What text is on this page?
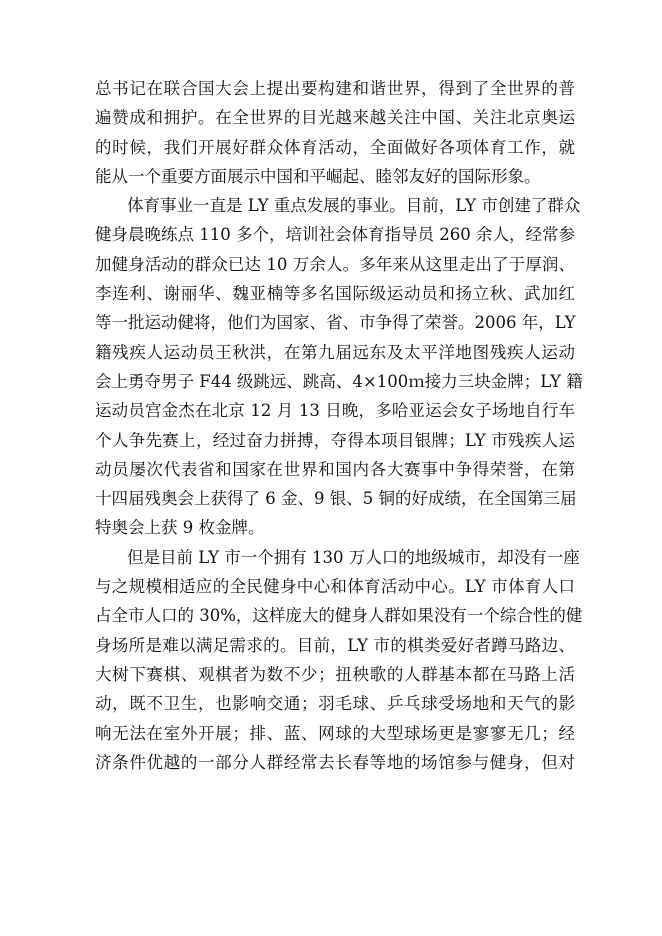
总书记在联合国大会上提出要构建和谐世界，得到了全世界的普
遍赞成和拥护。在全世界的目光越来越关注中国、关注北京奥运
的时候，我们开展好群众体育活动，全面做好各项体育工作，就
能从一个重要方面展示中国和平崛起、睦邻友好的国际形象。
体育事业一直是 LY 重点发展的事业。目前，LY 市创建了群众
健身晨晚练点 110 多个，培训社会体育指导员 260 余人，经常参
加健身活动的群众已达 10 万余人。多年来从这里走出了于厚润、
李连利、谢丽华、魏亚楠等多名国际级运动员和扬立秋、武加红
等一批运动健将，他们为国家、省、市争得了荣誉。2006 年，LY
籍残疾人运动员王秋洪，在第九届远东及太平洋地图残疾人运动
会上勇夺男子 F44 级跳远、跳高、4×100ｍ接力三块金牌；LY 籍
运动员宫金杰在北京 12 月 13 日晚，多哈亚运会女子场地自行车
个人争先赛上，经过奋力拼搏，夺得本项目银牌；LY 市残疾人运
动员屡次代表省和国家在世界和国内各大赛事中争得荣誉，在第
十四届残奥会上获得了 6 金、9 银、5 铜的好成绩，在全国第三届
特奥会上获 9 枚金牌。
但是目前 LY 市一个拥有 130 万人口的地级城市，却没有一座
与之规模相适应的全民健身中心和体育活动中心。LY 市体育人口
占全市人口的 30%，这样庞大的健身人群如果没有一个综合性的健
身场所是难以满足需求的。目前，LY 市的棋类爱好者蹲马路边、
大树下赛棋、观棋者为数不少；扭秧歌的人群基本都在马路上活
动，既不卫生，也影响交通；羽毛球、乒乓球受场地和天气的影
响无法在室外开展；排、蓝、网球的大型球场更是寥寥无几；经
济条件优越的一部分人群经常去长春等地的场馆参与健身，但对
